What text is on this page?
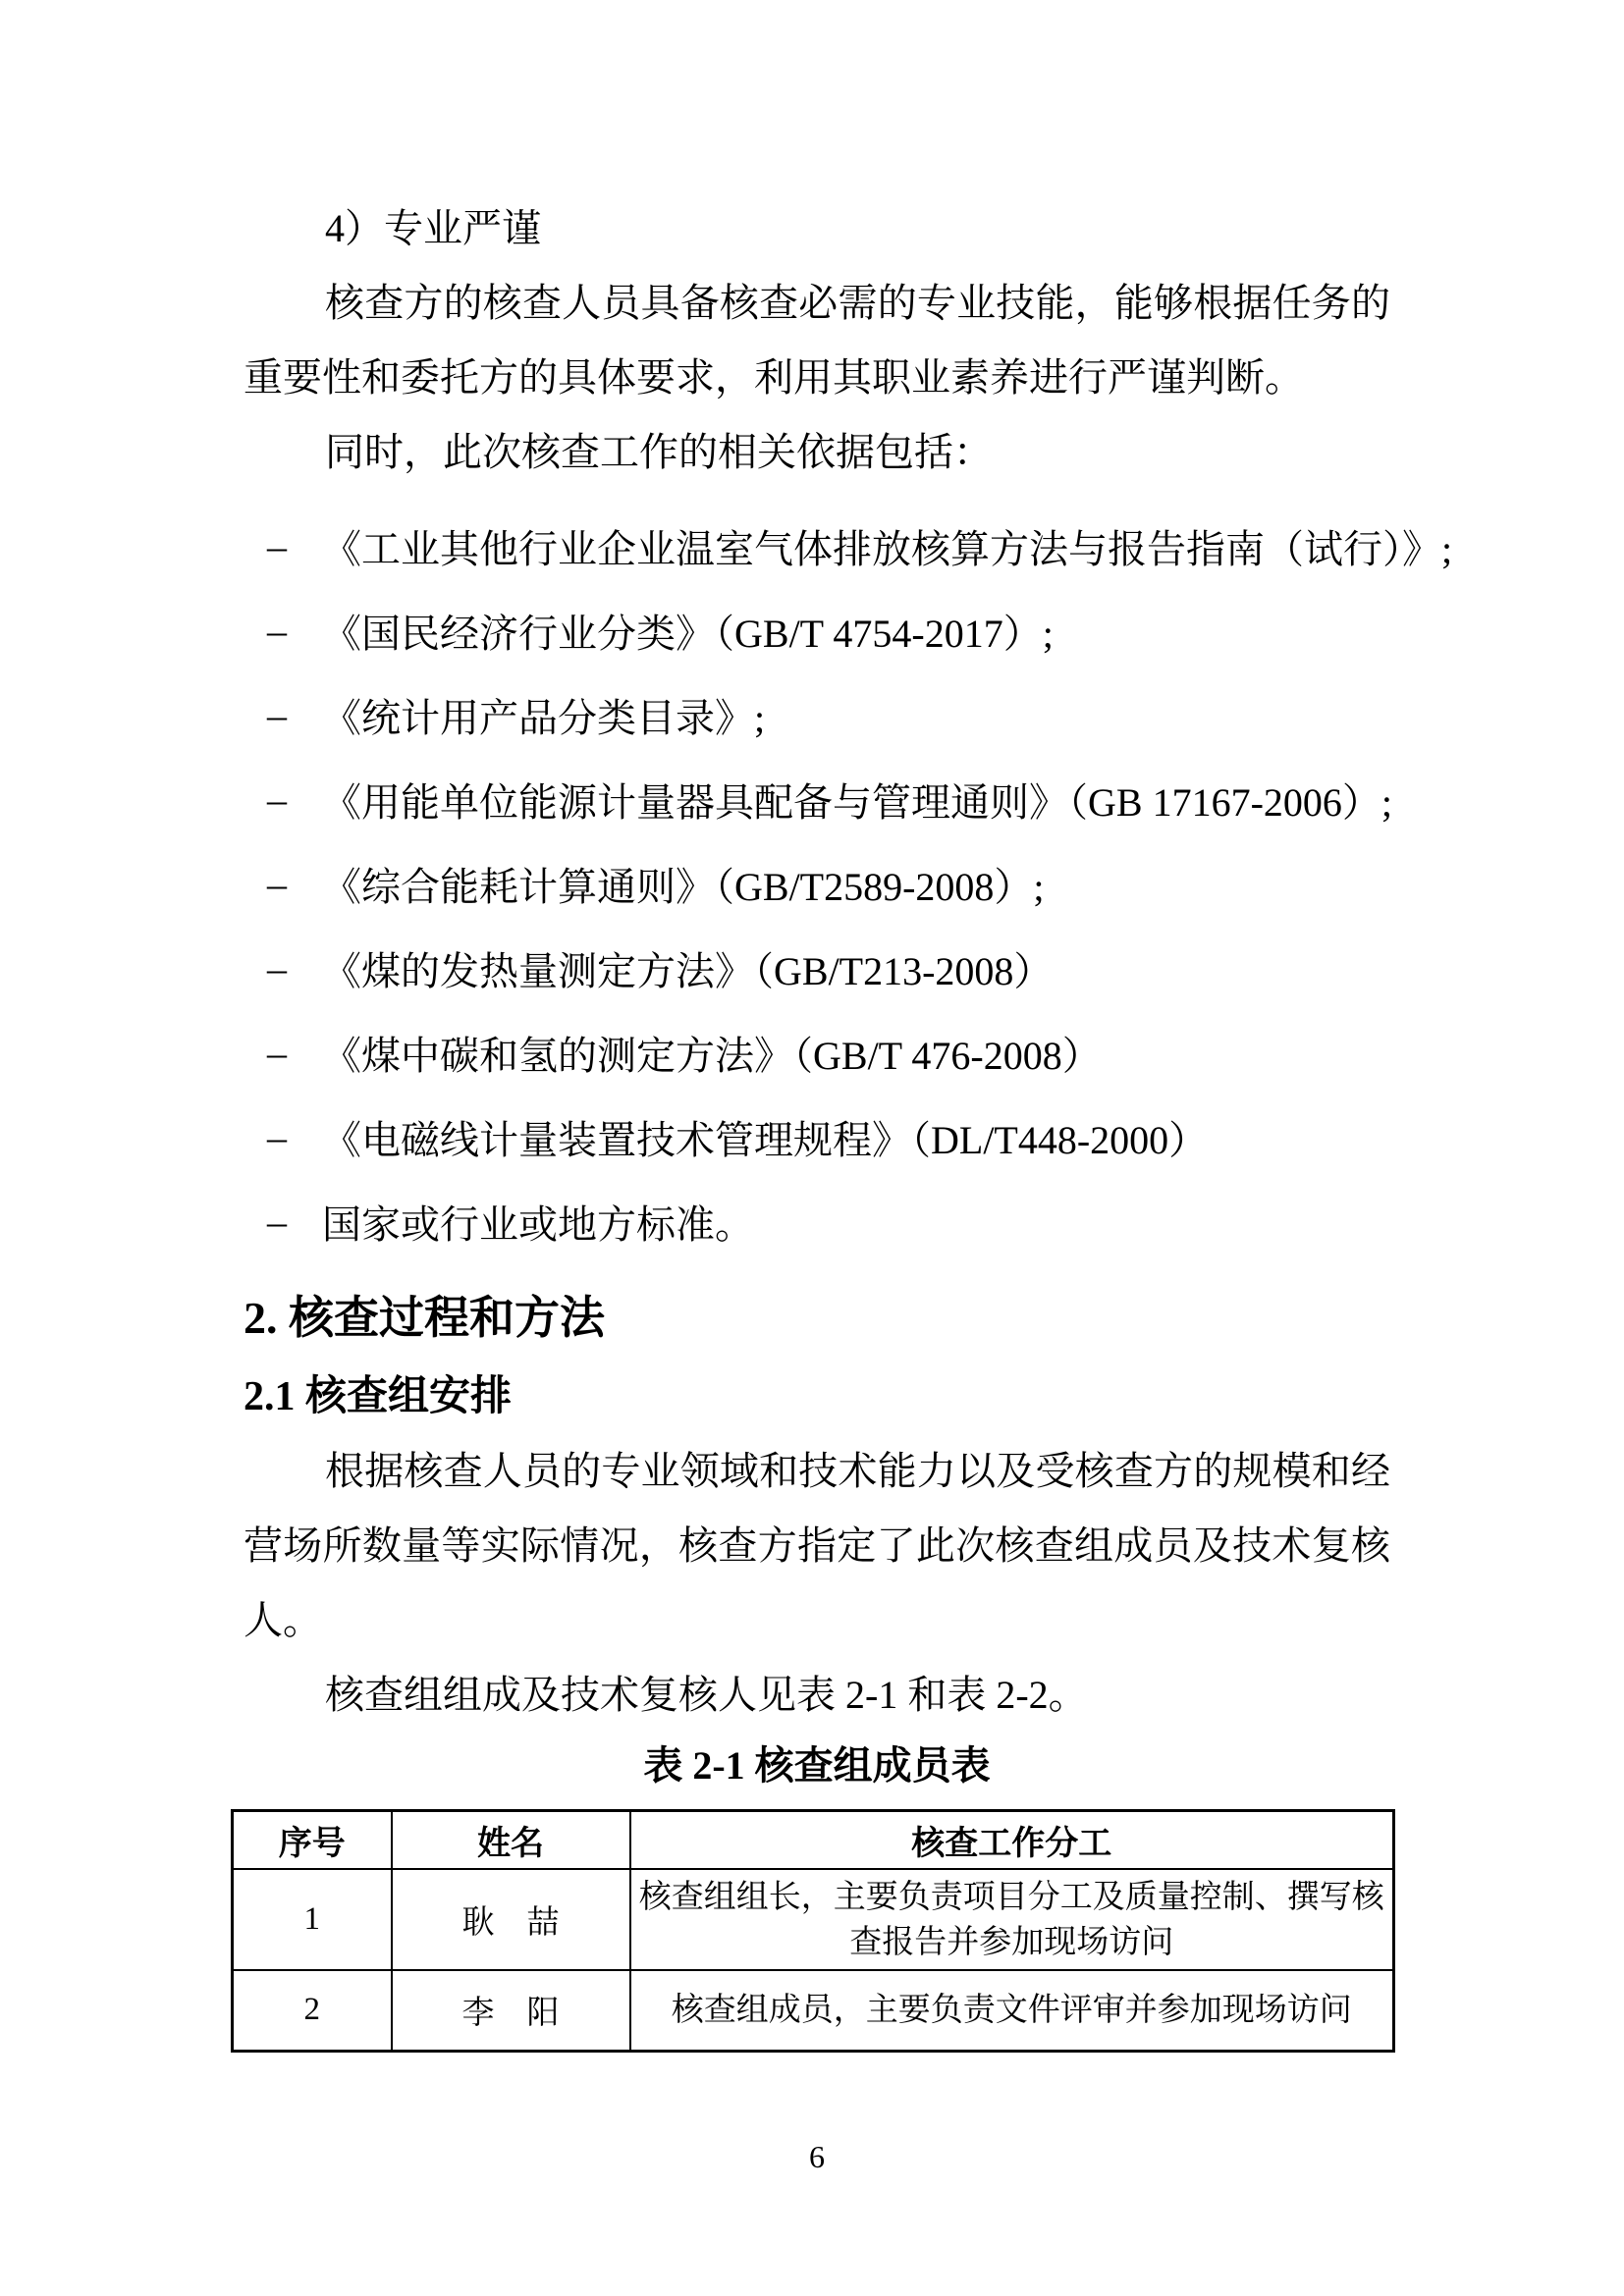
4）专业严谨

核查方的核查人员具备核查必需的专业技能，能够根据任务的重要性和委托方的具体要求，利用其职业素养进行严谨判断。

同时，此次核查工作的相关依据包括：

– 《工业其他行业企业温室气体排放核算方法与报告指南（试行）》;
– 《国民经济行业分类》（GB/T 4754-2017）;
– 《统计用产品分类目录》;
– 《用能单位能源计量器具配备与管理通则》（GB 17167-2006）;
– 《综合能耗计算通则》（GB/T2589-2008）;
– 《煤的发热量测定方法》（GB/T213-2008）
– 《煤中碳和氢的测定方法》（GB/T 476-2008）
– 《电磁线计量装置技术管理规程》（DL/T448-2000）
– 国家或行业或地方标准。
2. 核查过程和方法
2.1 核查组安排

根据核查人员的专业领域和技术能力以及受核查方的规模和经营场所数量等实际情况，核查方指定了此次核查组成员及技术复核人。

核查组组成及技术复核人见表 2-1 和表 2-2。

表 2-1 核查组成员表

序号	姓名	核查工作分工
1	耿　喆	核查组组长，主要负责项目分工及质量控制、撰写核查报告并参加现场访问
2	李　阳	核查组成员，主要负责文件评审并参加现场访问
6
